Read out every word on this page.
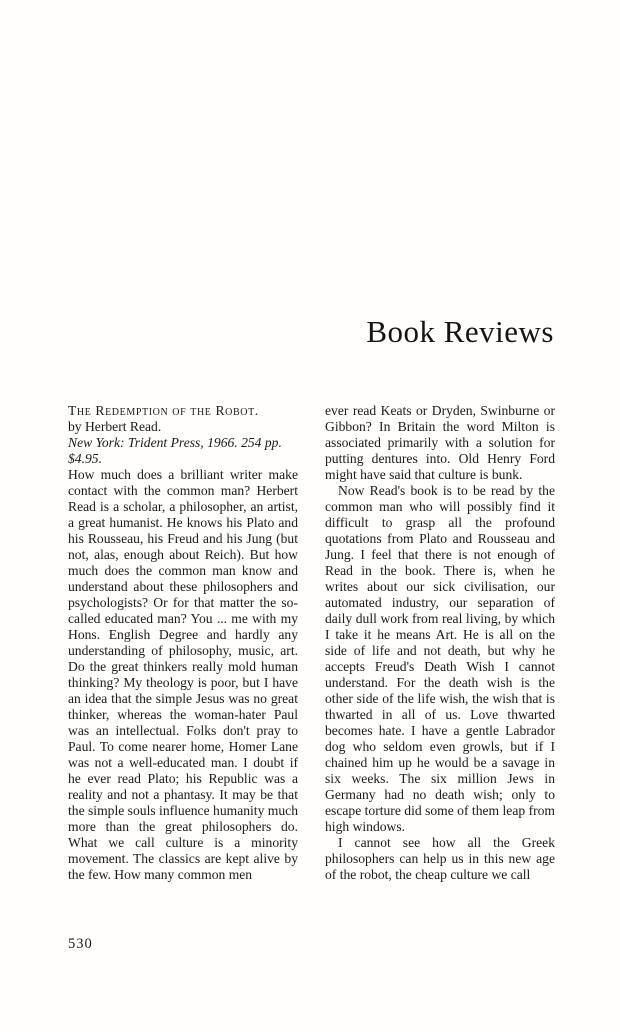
Book Reviews
The Redemption of the Robot.
by Herbert Read.
New York: Trident Press, 1966. 254 pp.
$4.95.

How much does a brilliant writer make contact with the common man? Herbert Read is a scholar, a philosopher, an artist, a great humanist. He knows his Plato and his Rousseau, his Freud and his Jung (but not, alas, enough about Reich). But how much does the common man know and understand about these philosophers and psychologists? Or for that matter the so-called educated man? You ... me with my Hons. English Degree and hardly any understanding of philosophy, music, art. Do the great thinkers really mold human thinking? My theology is poor, but I have an idea that the simple Jesus was no great thinker, whereas the woman-hater Paul was an intellectual. Folks don't pray to Paul. To come nearer home, Homer Lane was not a well-educated man. I doubt if he ever read Plato; his Republic was a reality and not a phantasy. It may be that the simple souls influence humanity much more than the great philosophers do. What we call culture is a minority movement. The classics are kept alive by the few. How many common men

ever read Keats or Dryden, Swinburne or Gibbon? In Britain the word Milton is associated primarily with a solution for putting dentures into. Old Henry Ford might have said that culture is bunk.

Now Read's book is to be read by the common man who will possibly find it difficult to grasp all the profound quotations from Plato and Rousseau and Jung. I feel that there is not enough of Read in the book. There is, when he writes about our sick civilisation, our automated industry, our separation of daily dull work from real living, by which I take it he means Art. He is all on the side of life and not death, but why he accepts Freud's Death Wish I cannot understand. For the death wish is the other side of the life wish, the wish that is thwarted in all of us. Love thwarted becomes hate. I have a gentle Labrador dog who seldom even growls, but if I chained him up he would be a savage in six weeks. The six million Jews in Germany had no death wish; only to escape torture did some of them leap from high windows.

I cannot see how all the Greek philosophers can help us in this new age of the robot, the cheap culture we call

530
